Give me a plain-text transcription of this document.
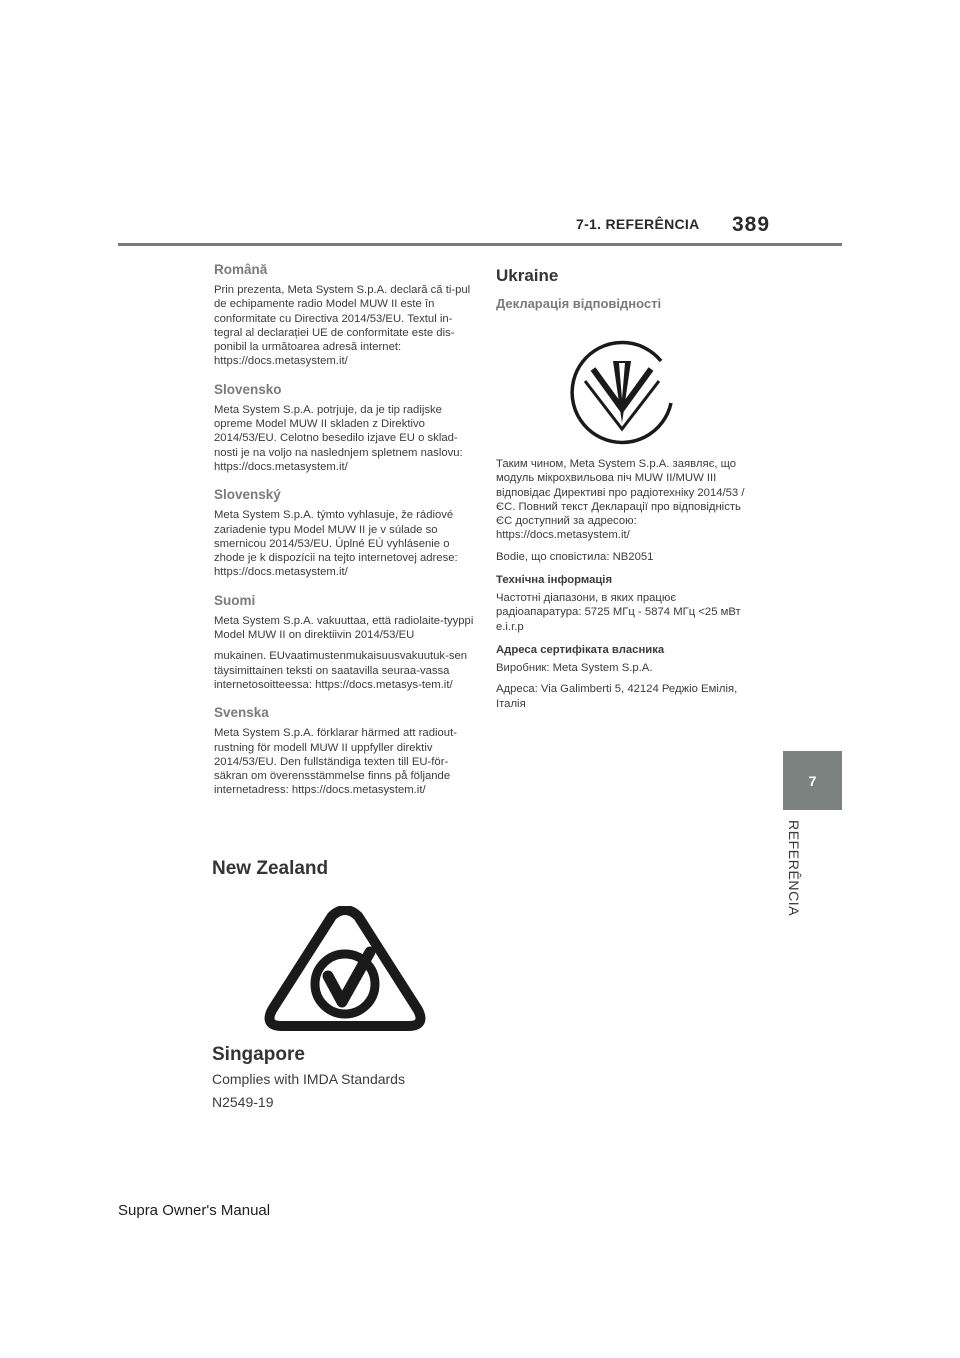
7-1. REFERÊNCIA 389
7
REFERÊNCIA
Română
Prin prezenta, Meta System S.p.A. declară că ti-pul de echipamente radio Model MUW II este în conformitate cu Directiva 2014/53/EU. Textul in-tegral al declarației UE de conformitate este dis-ponibil la următoarea adresă internet: https://docs.metasystem.it/
Slovensko
Meta System S.p.A. potrjuje, da je tip radijske opreme Model MUW II skladen z Direktivo 2014/53/EU. Celotno besedilo izjave EU o sklad-nosti je na voljo na naslednjem spletnem naslovu: https://docs.metasystem.it/
Slovenský
Meta System S.p.A. týmto vyhlasuje, že rádiové zariadenie typu Model MUW II je v súlade so smernicou 2014/53/EU. Úplné EÚ vyhlásenie o zhode je k dispozícii na tejto internetovej adrese: https://docs.metasystem.it/
Suomi
Meta System S.p.A. vakuuttaa, että radiolaite-tyyppi Model MUW II on direktiivin 2014/53/EU
mukainen. EUvaatimustenmukaisuusvakuutuk-sen täysimittainen teksti on saatavilla seuraa-vassa internetosoitteessa: https://docs.metasys-tem.it/
Svenska
Meta System S.p.A. förklarar härmed att radiout-rustning för modell MUW II uppfyller direktiv 2014/53/EU. Den fullständiga texten till EU-för-säkran om överensstämmelse finns på följande internetadress: https://docs.metasystem.it/
New Zealand
Singapore
Complies with IMDA Standards
N2549-19
Ukraine
Декларація відповідності
Таким чином, Meta System S.p.A. заявляє, що модуль мікрохвильова піч MUW II/MUW III відповідає Директиві про радіотехніку 2014/53 / ЄС. Повний текст Декларації про відповідність ЄС доступний за адресою: https://docs.metasystem.it/
Bodie, що сповістила: NB2051
Технічна інформація
Частотні діапазони, в яких працює радіоапаратура: 5725 МГц - 5874 МГц <25 мВт e.i.r.p
Адреса сертифіката власника
Виробник: Meta System S.p.A.
Адреса: Via Galimberti 5, 42124 Реджіо Емілія, Італія
Supra Owner's Manual
